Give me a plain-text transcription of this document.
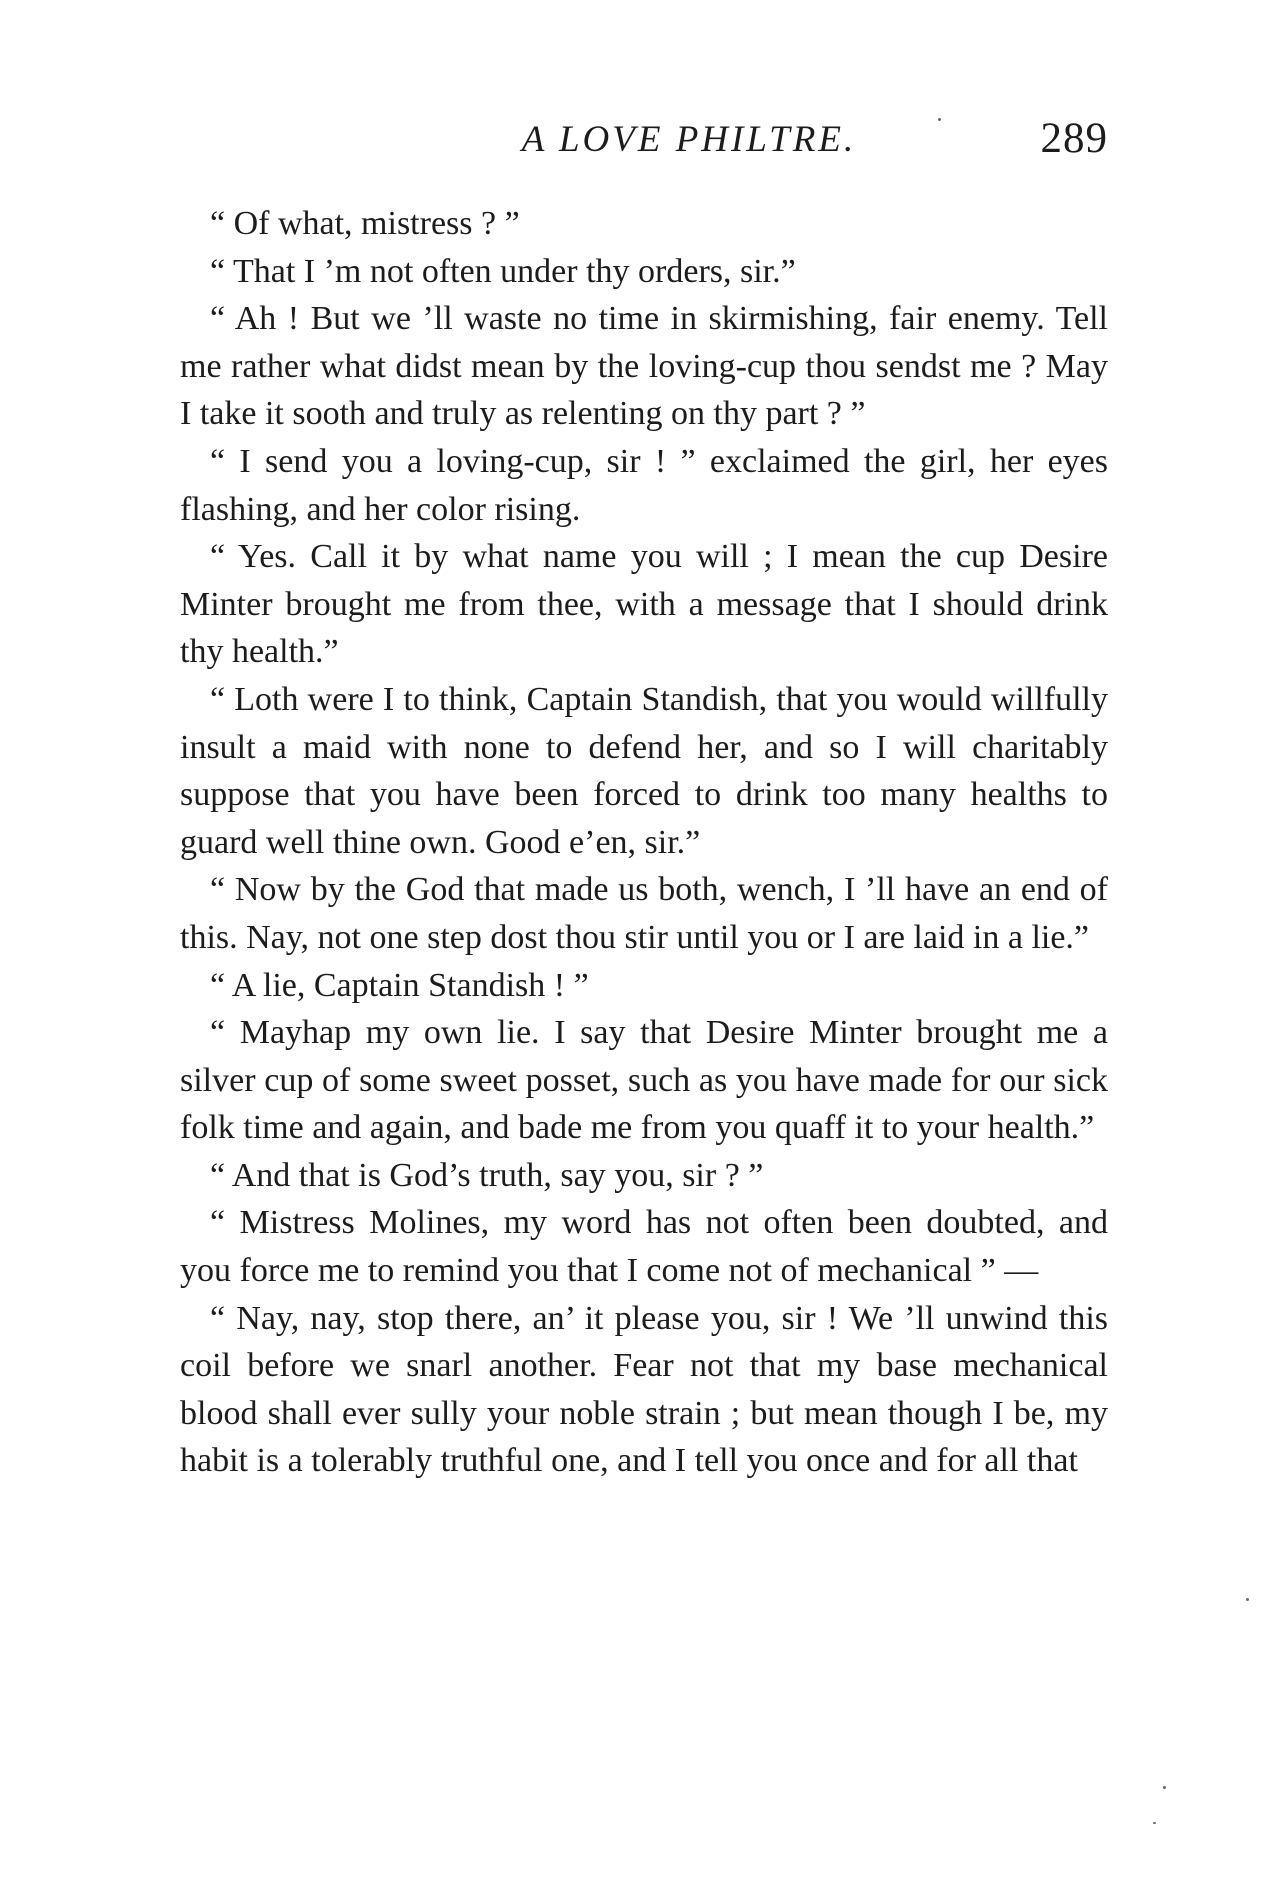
A LOVE PHILTRE.	289

“ Of what, mistress ? ”

“ That I ’m not often under thy orders, sir.”

“ Ah ! But we ’ll waste no time in skirmishing, fair enemy. Tell me rather what didst mean by the loving-cup thou sendst me ? May I take it sooth and truly as relenting on thy part ? ”

“ I send you a loving-cup, sir ! ” exclaimed the girl, her eyes flashing, and her color rising.

“ Yes. Call it by what name you will ; I mean the cup Desire Minter brought me from thee, with a message that I should drink thy health.”

“ Loth were I to think, Captain Standish, that you would willfully insult a maid with none to defend her, and so I will charitably suppose that you have been forced to drink too many healths to guard well thine own. Good e’en, sir.”

“ Now by the God that made us both, wench, I ’ll have an end of this. Nay, not one step dost thou stir until you or I are laid in a lie.”

“ A lie, Captain Standish ! ”

“ Mayhap my own lie. I say that Desire Minter brought me a silver cup of some sweet posset, such as you have made for our sick folk time and again, and bade me from you quaff it to your health.”

“ And that is God’s truth, say you, sir ? ”

“ Mistress Molines, my word has not often been doubted, and you force me to remind you that I come not of mechanical ” —

“ Nay, nay, stop there, an’ it please you, sir ! We ’ll unwind this coil before we snarl another. Fear not that my base mechanical blood shall ever sully your noble strain ; but mean though I be, my habit is a tolerably truthful one, and I tell you once and for all that
